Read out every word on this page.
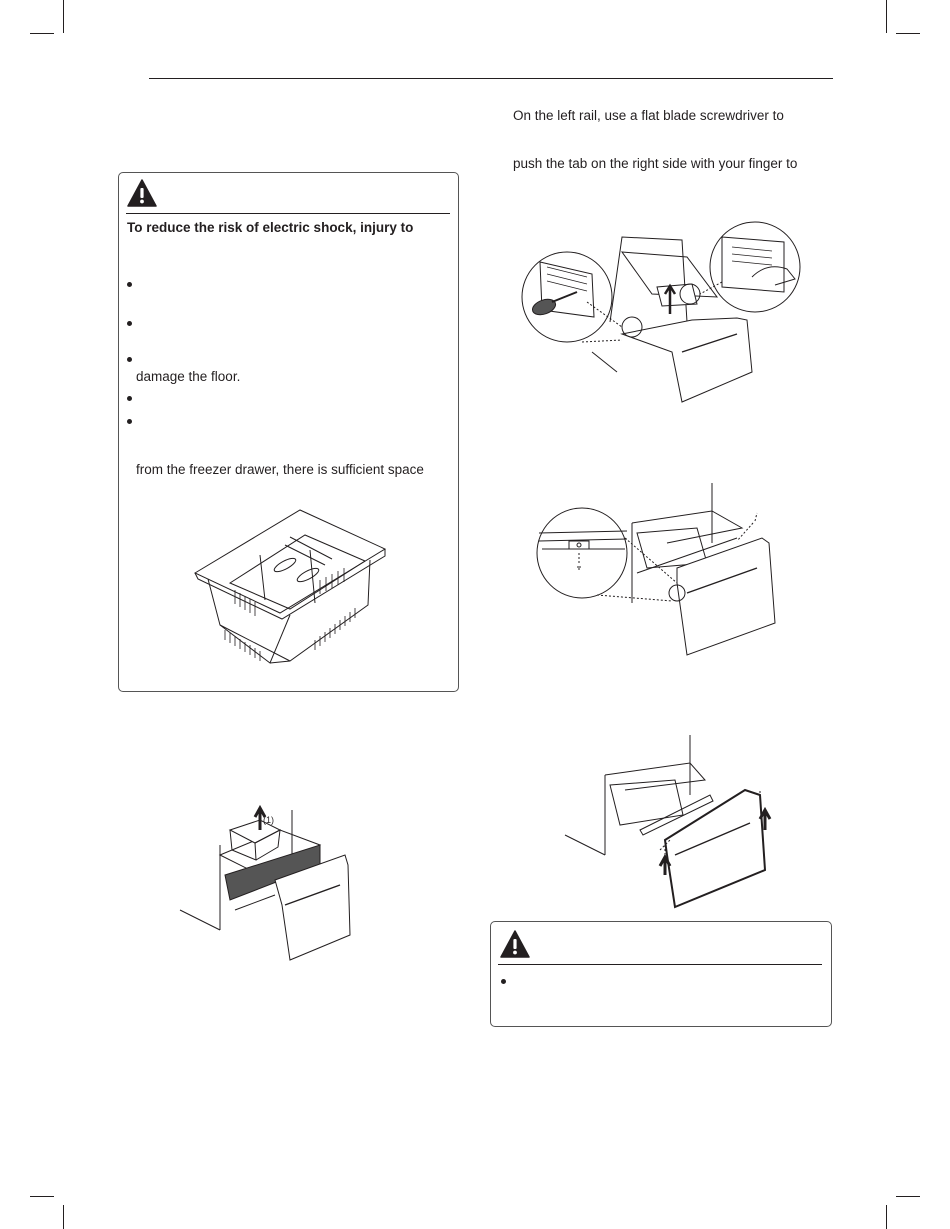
On the left rail, use a flat blade screwdriver to
push the tab on the right side with your finger to
To reduce the risk of electric shock, injury to
damage the floor.
from the freezer drawer, there is sufficient space
(1)
